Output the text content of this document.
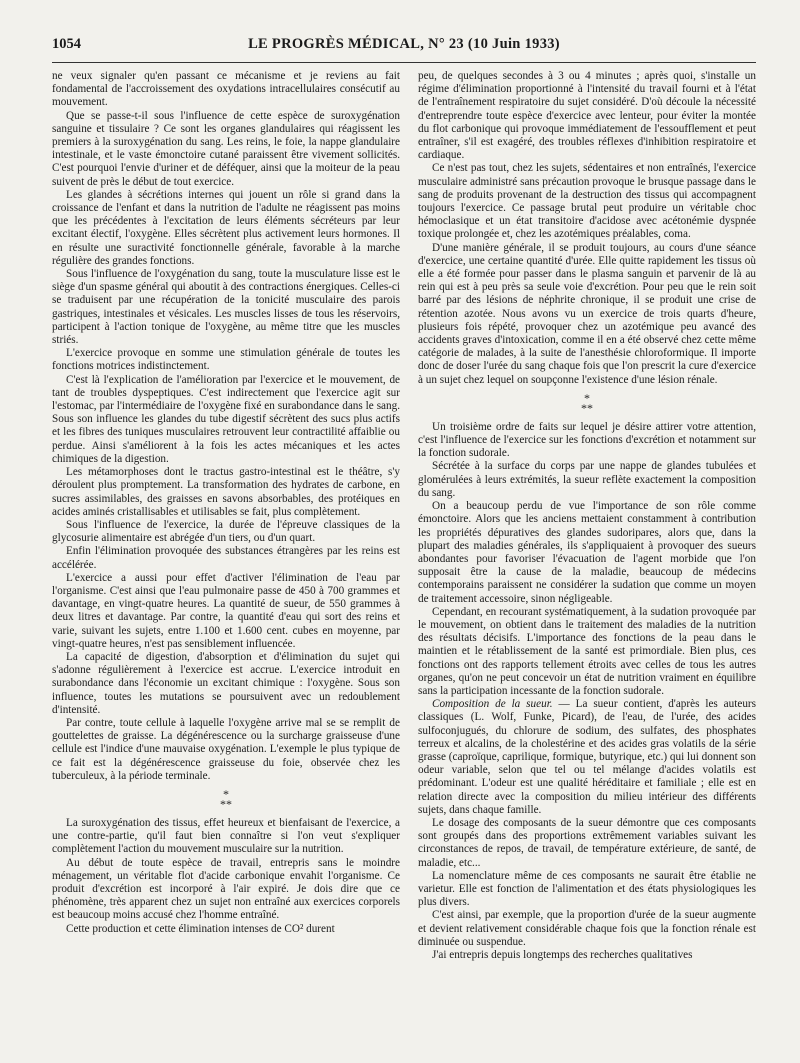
1054	LE PROGRÈS MÉDICAL, N° 23 (10 Juin 1933)

ne veux signaler qu'en passant ce mécanisme et je reviens au fait fondamental de l'accroissement des oxydations intracellulaires consécutif au mouvement.

Que se passe-t-il sous l'influence de cette espèce de suroxygénation sanguine et tissulaire ? Ce sont les organes glandulaires qui réagissent les premiers à la suroxygénation du sang. Les reins, le foie, la nappe glandulaire intestinale, et le vaste émonctoire cutané paraissent être vivement sollicités. C'est pourquoi l'envie d'uriner et de déféquer, ainsi que la moiteur de la peau suivent de près le début de tout exercice.

Les glandes à sécrétions internes qui jouent un rôle si grand dans la croissance de l'enfant et dans la nutrition de l'adulte ne réagissent pas moins que les précédentes à l'excitation de leurs éléments sécréteurs par leur excitant électif, l'oxygène. Elles sécrètent plus activement leurs hormones. Il en résulte une suractivité fonctionnelle générale, favorable à la marche régulière des grandes fonctions.

Sous l'influence de l'oxygénation du sang, toute la musculature lisse est le siège d'un spasme général qui aboutit à des contractions énergiques. Celles-ci se traduisent par une récupération de la tonicité musculaire des parois gastriques, intestinales et vésicales. Les muscles lisses de tous les réservoirs, participent à l'action tonique de l'oxygène, au même titre que les muscles striés.

L'exercice provoque en somme une stimulation générale de toutes les fonctions motrices indistinctement.

C'est là l'explication de l'amélioration par l'exercice et le mouvement, de tant de troubles dyspeptiques. C'est indirectement que l'exercice agit sur l'estomac, par l'intermédiaire de l'oxygène fixé en surabondance dans le sang. Sous son influence les glandes du tube digestif sécrètent des sucs plus actifs et les fibres des tuniques musculaires retrouvent leur contractilité affaiblie ou perdue. Ainsi s'améliorent à la fois les actes mécaniques et les actes chimiques de la digestion.

Les métamorphoses dont le tractus gastro-intestinal est le théâtre, s'y déroulent plus promptement. La transformation des hydrates de carbone, en sucres assimilables, des graisses en savons absorbables, des protéiques en acides aminés cristallisables et utilisables se fait, plus complètement.

Sous l'influence de l'exercice, la durée de l'épreuve classiques de la glycosurie alimentaire est abrégée d'un tiers, ou d'un quart.

Enfin l'élimination provoquée des substances étrangères par les reins est accélérée.

L'exercice a aussi pour effet d'activer l'élimination de l'eau par l'organisme. C'est ainsi que l'eau pulmonaire passe de 450 à 700 grammes et davantage, en vingt-quatre heures. La quantité de sueur, de 550 grammes à deux litres et davantage. Par contre, la quantité d'eau qui sort des reins et varie, suivant les sujets, entre 1.100 et 1.600 cent. cubes en moyenne, par vingt-quatre heures, n'est pas sensiblement influencée.

La capacité de digestion, d'absorption et d'élimination du sujet qui s'adonne régulièrement à l'exercice est accrue. L'exercice introduit en surabondance dans l'économie un excitant chimique : l'oxygène. Sous son influence, toutes les mutations se poursuivent avec un redoublement d'intensité.

Par contre, toute cellule à laquelle l'oxygène arrive mal se se remplit de gouttelettes de graisse. La dégénérescence ou la surcharge graisseuse d'une cellule est l'indice d'une mauvaise oxygénation. L'exemple le plus typique de ce fait est la dégénérescence graisseuse du foie, observée chez les tuberculeux, à la période terminale.

*
**

La suroxygénation des tissus, effet heureux et bienfaisant de l'exercice, a une contre-partie, qu'il faut bien connaître si l'on veut s'expliquer complètement l'action du mouvement musculaire sur la nutrition.

Au début de toute espèce de travail, entrepris sans le moindre ménagement, un véritable flot d'acide carbonique envahit l'organisme. Ce produit d'excrétion est incorporé à l'air expiré. Je dois dire que ce phénomène, très apparent chez un sujet non entraîné aux exercices corporels est beaucoup moins accusé chez l'homme entraîné.

Cette production et cette élimination intenses de CO² durent

peu, de quelques secondes à 3 ou 4 minutes ; après quoi, s'installe un régime d'élimination proportionné à l'intensité du travail fourni et à l'état de l'entraînement respiratoire du sujet considéré. D'où découle la nécessité d'entreprendre toute espèce d'exercice avec lenteur, pour éviter la montée du flot carbonique qui provoque immédiatement de l'essoufflement et peut entraîner, s'il est exagéré, des troubles réflexes d'inhibition respiratoire et cardiaque.

Ce n'est pas tout, chez les sujets, sédentaires et non entraînés, l'exercice musculaire administré sans précaution provoque le brusque passage dans le sang de produits provenant de la destruction des tissus qui accompagnent toujours l'exercice. Ce passage brutal peut produire un véritable choc hémoclasique et un état transitoire d'acidose avec acétonémie dyspnée toxique prolongée et, chez les azotémiques préalables, coma.

D'une manière générale, il se produit toujours, au cours d'une séance d'exercice, une certaine quantité d'urée. Elle quitte rapidement les tissus où elle a été formée pour passer dans le plasma sanguin et parvenir de là au rein qui est à peu près sa seule voie d'excrétion. Pour peu que le rein soit barré par des lésions de néphrite chronique, il se produit une crise de rétention azotée. Nous avons vu un exercice de trois quarts d'heure, plusieurs fois répété, provoquer chez un azotémique peu avancé des accidents graves d'intoxication, comme il en a été observé chez cette même catégorie de malades, à la suite de l'anesthésie chloroformique. Il importe donc de doser l'urée du sang chaque fois que l'on prescrit la cure d'exercice à un sujet chez lequel on soupçonne l'existence d'une lésion rénale.

*
**

Un troisième ordre de faits sur lequel je désire attirer votre attention, c'est l'influence de l'exercice sur les fonctions d'excrétion et notamment sur la fonction sudorale.

Sécrétée à la surface du corps par une nappe de glandes tubulées et glomérulées à leurs extrémités, la sueur reflète exactement la composition du sang.

On a beaucoup perdu de vue l'importance de son rôle comme émonctoire. Alors que les anciens mettaient constamment à contribution les propriétés dépuratives des glandes sudoripares, alors que, dans la plupart des maladies générales, ils s'appliquaient à provoquer des sueurs abondantes pour favoriser l'évacuation de l'agent morbide que l'on supposait être la cause de la maladie, beaucoup de médecins contemporains paraissent ne considérer la sudation que comme un moyen de traitement accessoire, sinon négligeable.

Cependant, en recourant systématiquement, à la sudation provoquée par le mouvement, on obtient dans le traitement des maladies de la nutrition des résultats décisifs. L'importance des fonctions de la peau dans le maintien et le rétablissement de la santé est primordiale. Bien plus, ces fonctions ont des rapports tellement étroits avec celles de tous les autres organes, qu'on ne peut concevoir un état de nutrition vraiment en équilibre sans la participation incessante de la fonction sudorale.

Composition de la sueur. — La sueur contient, d'après les auteurs classiques (L. Wolf, Funke, Picard), de l'eau, de l'urée, des acides sulfoconjugués, du chlorure de sodium, des sulfates, des phosphates terreux et alcalins, de la cholestérine et des acides gras volatils de la série grasse (caproïque, caprilique, formique, butyrique, etc.) qui lui donnent son odeur variable, selon que tel ou tel mélange d'acides volatils est prédominant. L'odeur est une qualité héréditaire et familiale ; elle est en relation directe avec la composition du milieu intérieur des différents sujets, dans chaque famille.

Le dosage des composants de la sueur démontre que ces composants sont groupés dans des proportions extrêmement variables suivant les circonstances de repos, de travail, de température extérieure, de santé, de maladie, etc...

La nomenclature même de ces composants ne saurait être établie ne varietur. Elle est fonction de l'alimentation et des états physiologiques les plus divers.

C'est ainsi, par exemple, que la proportion d'urée de la sueur augmente et devient relativement considérable chaque fois que la fonction rénale est diminuée ou suspendue.

J'ai entrepris depuis longtemps des recherches qualitatives
